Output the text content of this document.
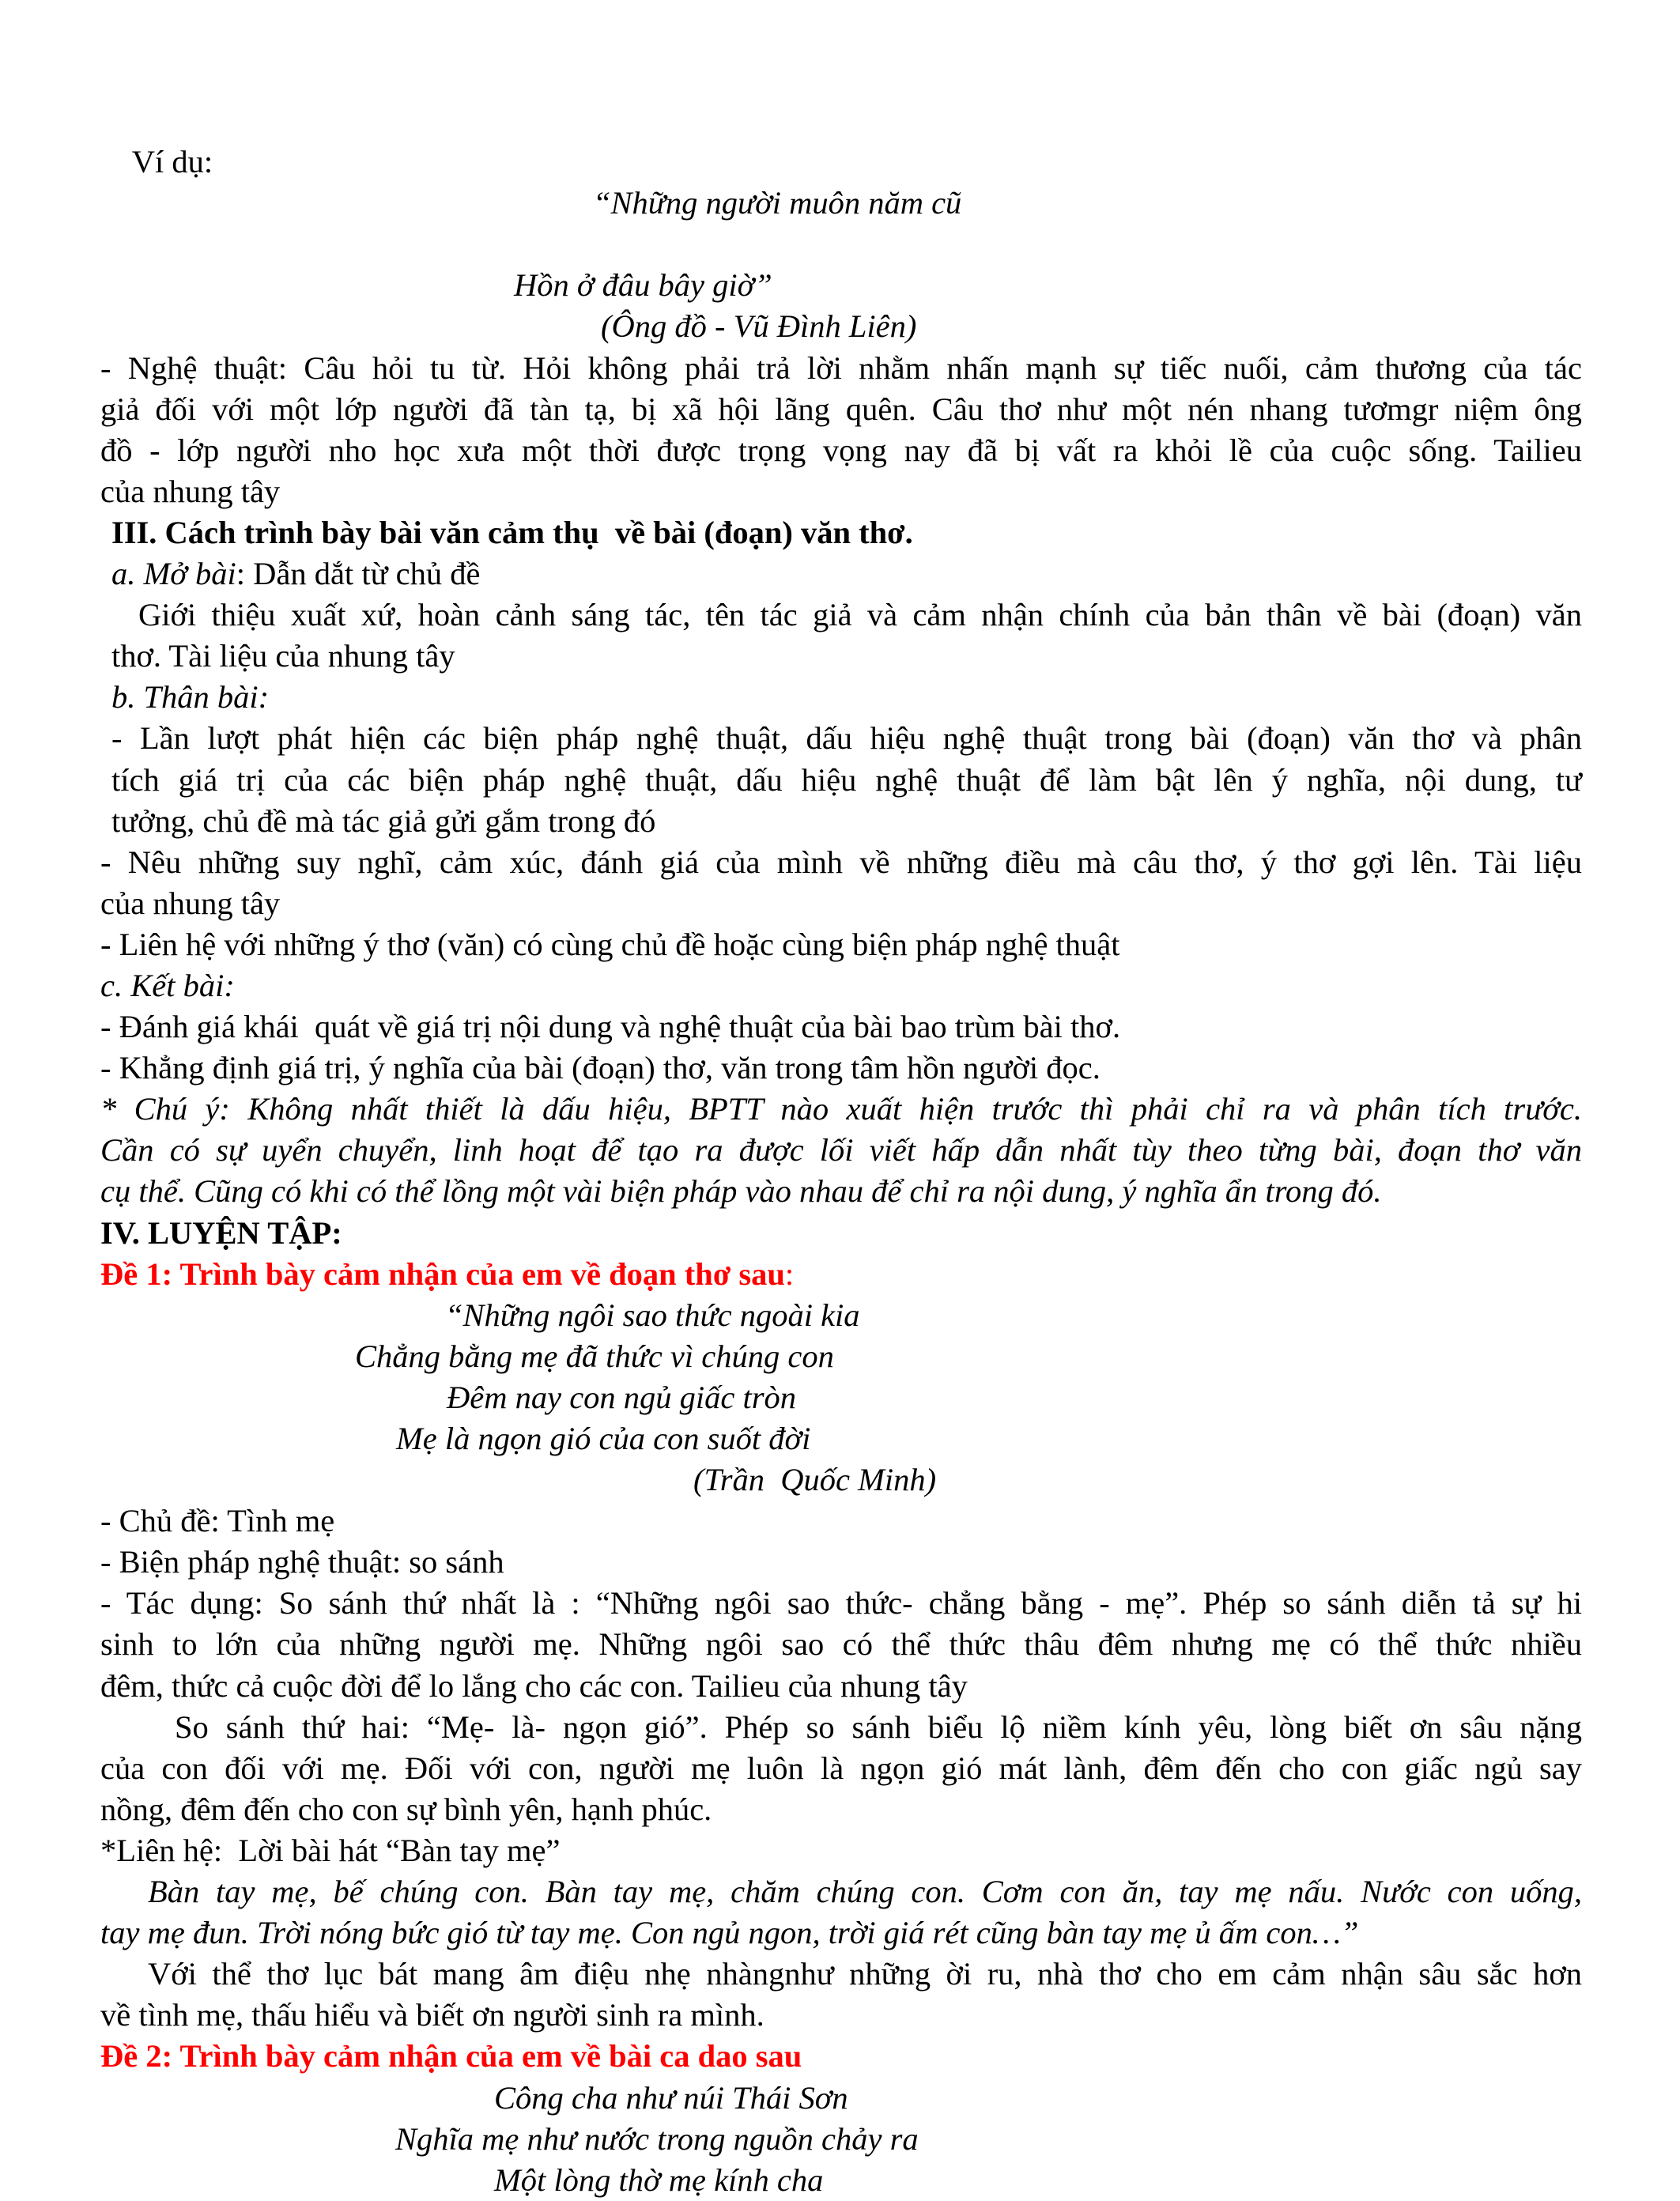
Ví dụ:

“Những người muôn năm cũ

Hồn ở đâu bây giờ”
(Ông đồ - Vũ Đình Liên)
- Nghệ thuật: Câu hỏi tu từ. Hỏi không phải trả lời nhằm nhấn mạnh sự tiếc nuối, cảm thương của tác
giả đối với một lớp người đã tàn tạ, bị xã hội lãng quên. Câu thơ như một nén nhang tươmgr niệm ông
đồ - lớp người nho học xưa một thời được trọng vọng nay đã bị vất ra khỏi lề của cuộc sống. Tailieu
của nhung tây
III. Cách trình bày bài văn cảm thụ  về bài (đoạn) văn thơ.
a. Mở bài: Dẫn dắt từ chủ đề
Giới thiệu xuất xứ, hoàn cảnh sáng tác, tên tác giả và cảm nhận chính của bản thân về bài (đoạn) văn
thơ. Tài liệu của nhung tây
b. Thân bài:
- Lần lượt phát hiện các biện pháp nghệ thuật, dấu hiệu nghệ thuật trong bài (đoạn) văn thơ và phân
tích giá trị của các biện pháp nghệ thuật, dấu hiệu nghệ thuật để làm bật lên ý nghĩa, nội dung, tư
tưởng, chủ đề mà tác giả gửi gắm trong đó
- Nêu những suy nghĩ, cảm xúc, đánh giá của mình về những điều mà câu thơ, ý thơ gợi lên. Tài liệu
của nhung tây
- Liên hệ với những ý thơ (văn) có cùng chủ đề hoặc cùng biện pháp nghệ thuật
c. Kết bài:
- Đánh giá khái  quát về giá trị nội dung và nghệ thuật của bài bao trùm bài thơ.
- Khẳng định giá trị, ý nghĩa của bài (đoạn) thơ, văn trong tâm hồn người đọc.
* Chú ý: Không nhất thiết là dấu hiệu, BPTT nào xuất hiện trước thì phải chỉ ra và phân tích trước.
Cần có sự uyển chuyển, linh hoạt để tạo ra được lối viết hấp dẫn nhất tùy theo từng bài, đoạn thơ văn
cụ thể. Cũng có khi có thể lồng một vài biện pháp vào nhau để chỉ ra nội dung, ý nghĩa ẩn trong đó.
IV. LUYỆN TẬP:
Đề 1: Trình bày cảm nhận của em về đoạn thơ sau:
“Những ngôi sao thức ngoài kia
Chẳng bằng mẹ đã thức vì chúng con
Đêm nay con ngủ giấc tròn
Mẹ là ngọn gió của con suốt đời
(Trần  Quốc Minh)
- Chủ đề: Tình mẹ
- Biện pháp nghệ thuật: so sánh
- Tác dụng: So sánh thứ nhất là : “Những ngôi sao thức- chẳng bằng - mẹ”. Phép so sánh diễn tả sự hi
sinh to lớn của những người mẹ. Những ngôi sao có thể thức thâu đêm nhưng mẹ có thể thức nhiều
đêm, thức cả cuộc đời để lo lắng cho các con. Tailieu của nhung tây
So sánh thứ hai: “Mẹ- là- ngọn gió”. Phép so sánh biểu lộ niềm kính yêu, lòng biết ơn sâu nặng
của con đối với mẹ. Đối với con, người mẹ luôn là ngọn gió mát lành, đêm đến cho con giấc ngủ say
nồng, đêm đến cho con sự bình yên, hạnh phúc.
*Liên hệ:  Lời bài hát “Bàn tay mẹ”
Bàn tay mẹ, bế chúng con. Bàn tay mẹ, chăm chúng con. Cơm con ăn, tay mẹ nấu. Nước con uống,
tay mẹ đun. Trời nóng bức gió từ tay mẹ. Con ngủ ngon, trời giá rét cũng bàn tay mẹ ủ ấm con…”
Với thể thơ lục bát mang âm điệu nhẹ nhàngnhư những ời ru, nhà thơ cho em cảm nhận sâu sắc hơn
về tình mẹ, thấu hiểu và biết ơn người sinh ra mình.
Đề 2: Trình bày cảm nhận của em về bài ca dao sau
Công cha như núi Thái Sơn
Nghĩa mẹ như nước trong nguồn chảy ra
Một lòng thờ mẹ kính cha
